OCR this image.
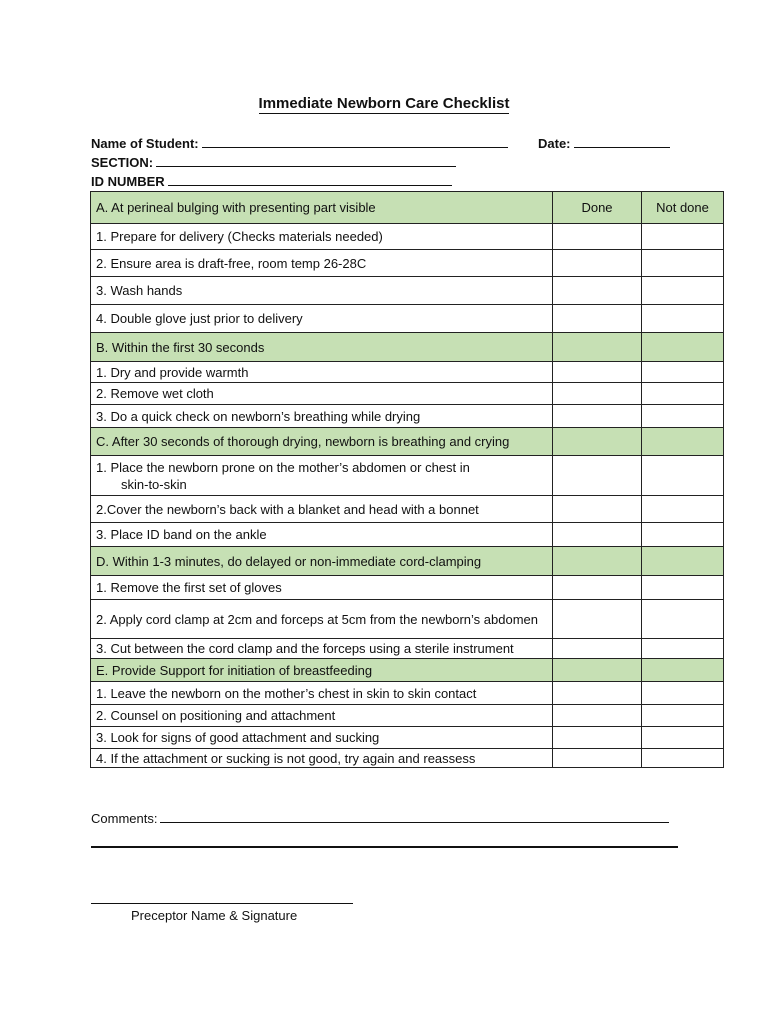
Immediate Newborn Care Checklist
Name of Student:	Date:
SECTION:
ID NUMBER
A. At perineal bulging with presenting part visible	Done	Not done
1. Prepare for delivery (Checks materials needed)		
2. Ensure area is draft-free, room temp 26-28C		
3. Wash hands		
4. Double glove just prior to delivery		
B. Within the first 30 seconds		
1. Dry and provide warmth		
2. Remove wet cloth		
3. Do a quick check on newborn’s breathing while drying		
C. After 30 seconds of thorough drying, newborn is breathing and crying		
1. Place the newborn prone on the mother’s abdomen or chest in
skin-to-skin		

2.Cover the newborn’s back with a blanket and head with a bonnet		
3. Place ID band on the ankle		
D. Within 1-3 minutes, do delayed or non-immediate cord-clamping		
1. Remove the first set of gloves		
2. Apply cord clamp at 2cm and forceps at 5cm from the newborn’s abdomen		
3. Cut between the cord clamp and the forceps using a sterile instrument		
E. Provide Support for initiation of breastfeeding		
1. Leave the newborn on the mother’s chest in skin to skin contact		
2. Counsel on positioning and attachment		
3. Look for signs of good attachment and sucking		
4. If the attachment or sucking is not good, try again and reassess		
Comments:
Preceptor Name & Signature
